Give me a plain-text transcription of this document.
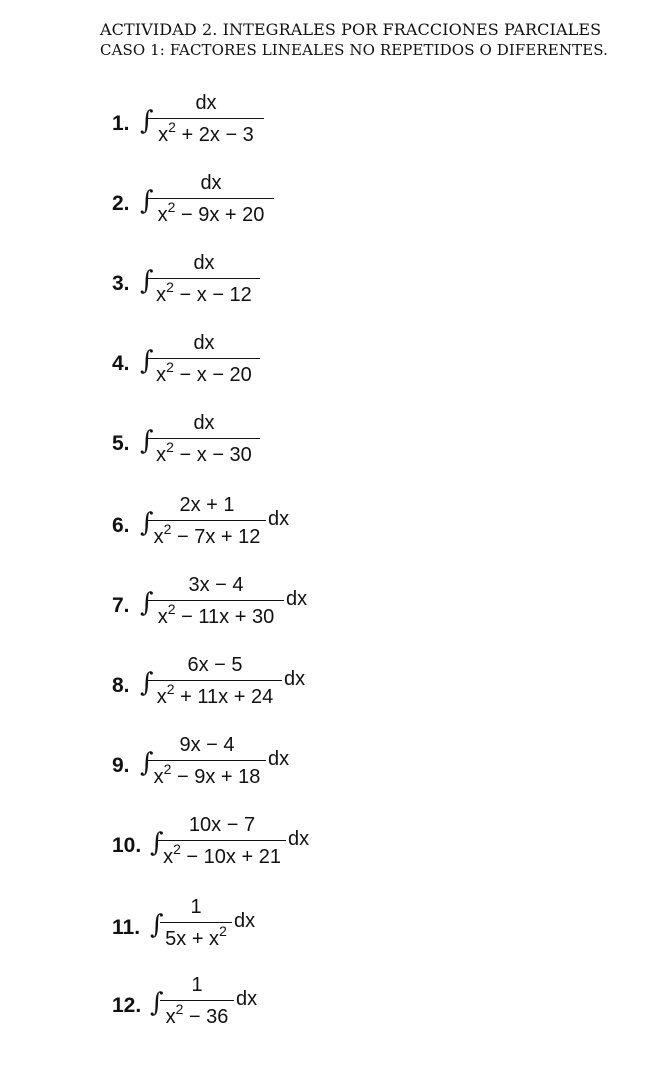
ACTIVIDAD 2. INTEGRALES POR FRACCIONES PARCIALES
CASO 1: FACTORES LINEALES NO REPETIDOS O DIFERENTES.
1. ∫
dx
$x^2 + 2x - 3$
2. ∫
dx
$x^2 - 9x + 20$
3. ∫
dx
$x^2 - x - 12$
4. ∫
dx
$x^2 - x - 20$
5. ∫
dx
$x^2 - x - 30$
6. ∫
2x + 1
$x^2 - 7x + 12$
dx
7. ∫
3x − 4
$x^2 - 11x + 30$
dx
8. ∫
6x − 5
$x^2 + 11x + 24$
dx
9. ∫
9x − 4
$x^2 - 9x + 18$
dx
10. ∫
10x − 7
$x^2 - 10x + 21$
dx
11. ∫
1
$5x + x^2$ dx
12. ∫
1
$x^2 - 36$
dx
